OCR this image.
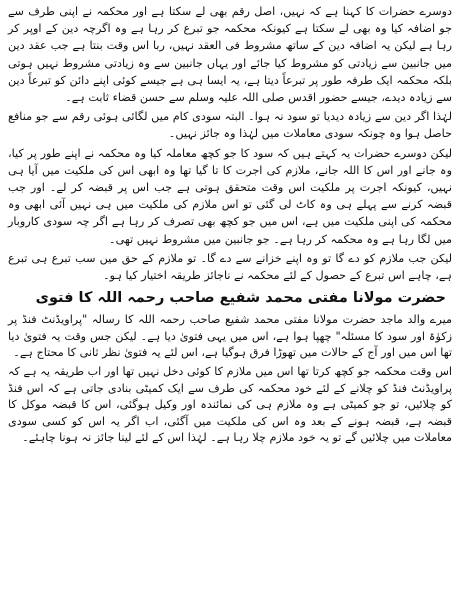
دوسرے حضرات کا کہنا ہے کہ نہیں، اصل رقم بھی لے سکتا ہے اور محکمہ نے اپنی طرف سے جو اضافہ کیا وہ بھی لے سکتا ہے کیونکہ محکمہ جو تبرع کر رہا ہے وہ اگرچہ دین کے اوپر کر رہا ہے لیکن یہ اضافہ دین کے ساتھ مشروط فی العقد نہیں، ربا اس وقت بنتا ہے جب عقد دین میں جانبین سے زیادتی کو مشروط کیا جائے اور یہاں جانبین سے وہ زیادتی مشروط نہیں ہوتی بلکہ محکمہ ایک طرفہ طور پر تبرعاً دیتا ہے، یہ ایسا ہی ہے جیسے کوئی اپنے دائن کو تبرعاً دین سے زیادہ دیدے، جیسے حضور اقدس صلی اللہ علیہ وسلم سے حسن قضاء ثابت ہے۔

لہٰذا اگر دین سے زیادہ دیدیا تو سود نہ ہوا۔ البتہ سودی کام میں لگائی ہوئی رقم سے جو منافع حاصل ہوا وہ چونکہ سودی معاملات میں لہٰذا وہ جائز نہیں۔

لیکن دوسرے حضرات یہ کہتے ہیں کہ سود کا جو کچھ معاملہ کیا وہ محکمہ نے اپنے طور پر کیا، وہ جانے اور اس کا اللہ جانے، ملازم کی اجرت کا تا گیا تھا وہ ابھی اس کی ملکیت میں آیا ہی نہیں، کیونکہ اجرت پر ملکیت اس وقت متحقق ہوتی ہے جب اس پر قبضہ کر لے۔ اور جب قبضہ کرنے سے پہلے ہی وہ کاٹ لی گئی تو اس ملازم کی ملکیت میں ہی نہیں آئی ابھی وہ محکمہ کی اپنی ملکیت میں ہے، اس میں جو کچھ بھی تصرف کر رہا ہے اگر چہ سودی کاروبار میں لگا رہا ہے وہ محکمہ کر رہا ہے۔ جو جانبین میں مشروط نہیں تھی۔

لیکن جب ملازم کو دے گا تو وہ اپنے خزانے سے دے گا۔ تو ملازم کے حق میں سب تبرع ہی تبرع ہے، چاہے اس تبرع کے حصول کے لئے محکمہ نے ناجائز طریقہ اختیار کیا ہو۔

حضرت مولانا مفتی محمد شفیع صاحب رحمہ اللہ کا فتوی

میرے والد ماجد حضرت مولانا مفتی محمد شفیع صاحب رحمہ اللہ کا رسالہ "پراویڈنٹ فنڈ پر زکوٰۃ اور سود کا مسئلہ" چھپا ہوا ہے، اس میں یہی فتویٰ دیا ہے۔ لیکن جس وقت یہ فتویٰ دیا تھا اس میں اور آج کے حالات میں تھوڑا فرق ہوگیا ہے، اس لئے یہ فتویٰ نظر ثانی کا محتاج ہے۔

اس وقت محکمہ جو کچھ کرتا تھا اس میں ملازم کا کوئی دخل نہیں تھا اور اب طریقہ یہ ہے کہ پراویڈنٹ فنڈ کو چلانے کے لئے خود محکمہ کی طرف سے ایک کمیٹی بنادی جاتی ہے کہ اس فنڈ کو چلائیں، تو جو کمیٹی ہے وہ ملازم ہی کی نمائندہ اور وکیل ہوگئی، اس کا قبضہ موکل کا قبضہ ہے، قبضہ ہونے کے بعد وہ اس کی ملکیت میں آگئی، اب اگر یہ اس کو کسی سودی معاملات میں چلائیں گے تو یہ خود ملازم چلا رہا ہے۔ لہٰذا اس کے لئے لینا جائز نہ ہونا چاہئے۔
